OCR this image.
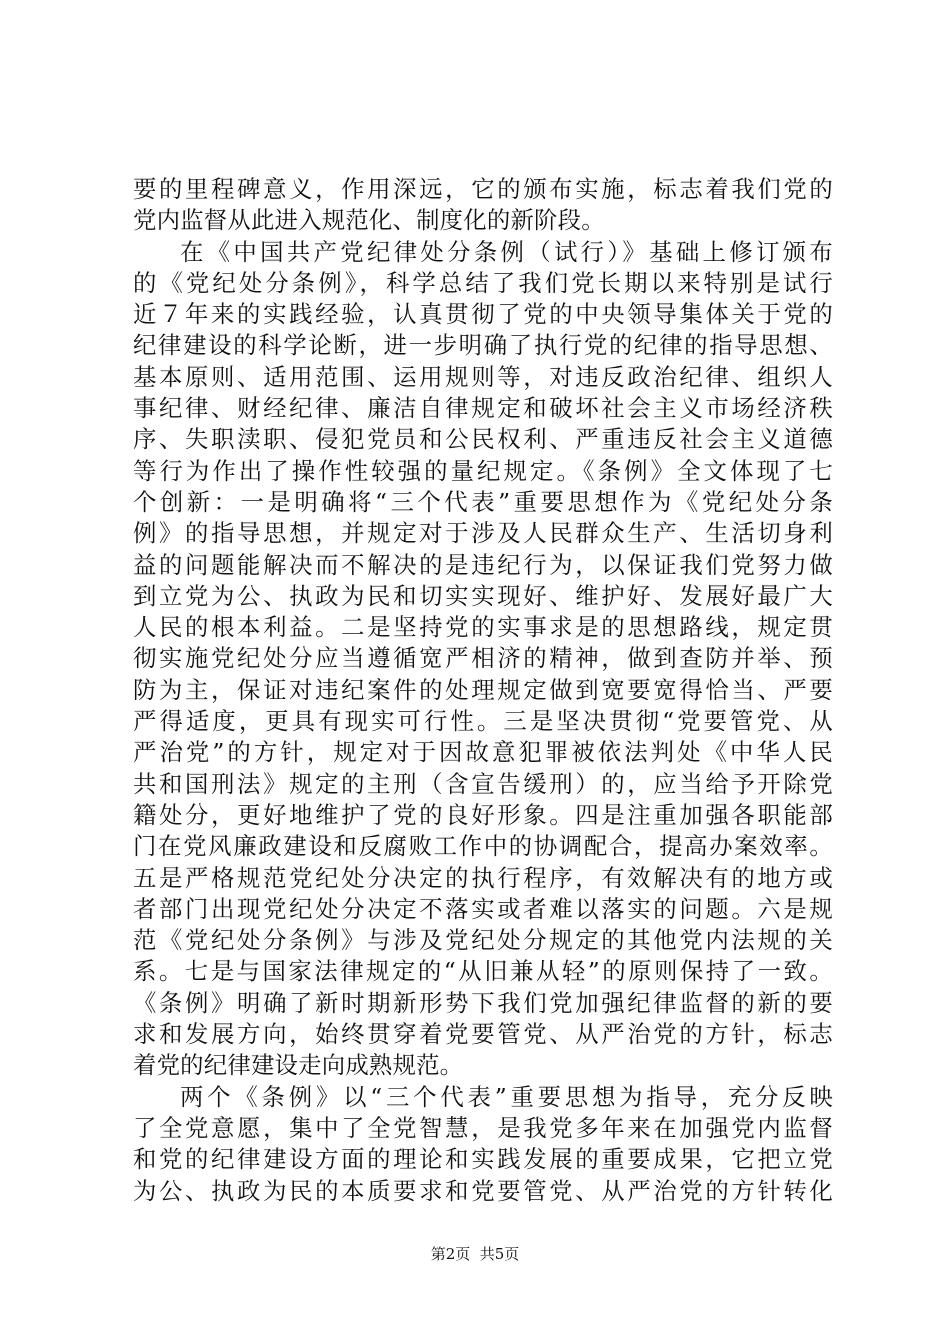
要的里程碑意义，作用深远，它的颁布实施，标志着我们党的
党内监督从此进入规范化、制度化的新阶段。
在《中国共产党纪律处分条例（试行）》基础上修订颁布
的《党纪处分条例》，科学总结了我们党长期以来特别是试行
近７年来的实践经验，认真贯彻了党的中央领导集体关于党的
纪律建设的科学论断，进一步明确了执行党的纪律的指导思想、
基本原则、适用范围、运用规则等，对违反政治纪律、组织人
事纪律、财经纪律、廉洁自律规定和破坏社会主义市场经济秩
序、失职渎职、侵犯党员和公民权利、严重违反社会主义道德
等行为作出了操作性较强的量纪规定。《条例》全文体现了七
个创新：一是明确将“三个代表”重要思想作为《党纪处分条
例》的指导思想，并规定对于涉及人民群众生产、生活切身利
益的问题能解决而不解决的是违纪行为，以保证我们党努力做
到立党为公、执政为民和切实实现好、维护好、发展好最广大
人民的根本利益。二是坚持党的实事求是的思想路线，规定贯
彻实施党纪处分应当遵循宽严相济的精神，做到查防并举、预
防为主，保证对违纪案件的处理规定做到宽要宽得恰当、严要
严得适度，更具有现实可行性。三是坚决贯彻“党要管党、从
严治党”的方针，规定对于因故意犯罪被依法判处《中华人民
共和国刑法》规定的主刑（含宣告缓刑）的，应当给予开除党
籍处分，更好地维护了党的良好形象。四是注重加强各职能部
门在党风廉政建设和反腐败工作中的协调配合，提高办案效率。
五是严格规范党纪处分决定的执行程序，有效解决有的地方或
者部门出现党纪处分决定不落实或者难以落实的问题。六是规
范《党纪处分条例》与涉及党纪处分规定的其他党内法规的关
系。七是与国家法律规定的“从旧兼从轻”的原则保持了一致。
《条例》明确了新时期新形势下我们党加强纪律监督的新的要
求和发展方向，始终贯穿着党要管党、从严治党的方针，标志
着党的纪律建设走向成熟规范。
两个《条例》以“三个代表”重要思想为指导，充分反映
了全党意愿，集中了全党智慧，是我党多年来在加强党内监督
和党的纪律建设方面的理论和实践发展的重要成果，它把立党
为公、执政为民的本质要求和党要管党、从严治党的方针转化
第2页  共5页
